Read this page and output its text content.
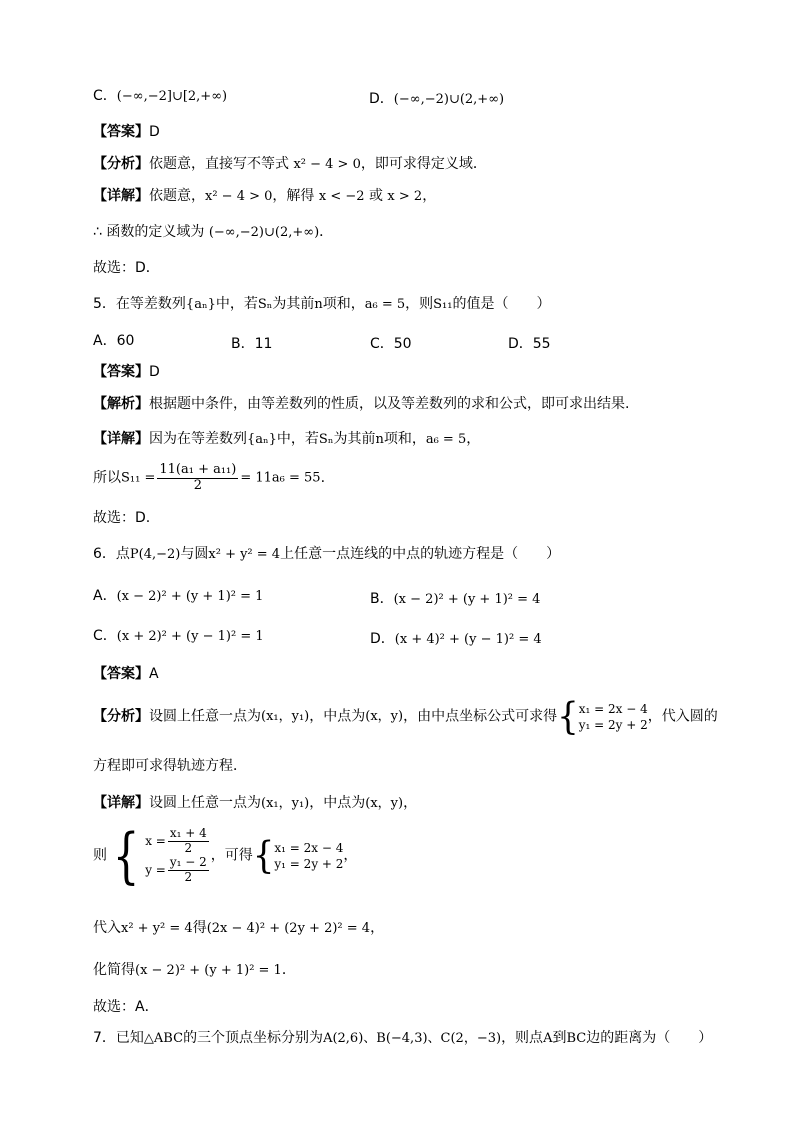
C．(−∞,−2]∪[2,+∞)	D．(−∞,−2)∪(2,+∞)
【答案】D
【分析】依题意，直接写不等式 x² − 4 > 0，即可求得定义域．
【详解】依题意，x² − 4 > 0，解得 x < −2 或 x > 2，
∴ 函数的定义域为 (−∞,−2)∪(2,+∞)．
故选：D．
5．在等差数列{aₙ}中，若Sₙ为其前n项和，a₆ = 5，则S₁₁的值是（　　）
A．60	B．11	C．50	D．55
【答案】D
【解析】根据题中条件，由等差数列的性质，以及等差数列的求和公式，即可求出结果.
【详解】因为在等差数列{aₙ}中，若Sₙ为其前n项和，a₆ = 5，
所以$S_{11} = \frac{\text{11(a₁ + a₁₁)}}{2} = 11a_6 = 55$.
故选：D.
6．点P(4,−2)与圆x² + y² = 4上任意一点连线的中点的轨迹方程是（　　）
A．(x − 2)² + (y + 1)² = 1	B．(x − 2)² + (y + 1)² = 4
C．(x + 2)² + (y − 1)² = 1	D．(x + 4)² + (y − 1)² = 4
【答案】A
【分析】设圆上任意一点为(x₁，y₁)，中点为(x，y)，由中点坐标公式可求得{ x₁ = 2x − 4
y₁ = 2y + 2
，代入圆的
方程即可求得轨迹方程．
【详解】设圆上任意一点为(x₁，y₁)，中点为(x，y)，
则{ $x = \frac{\text{x₁ + 4}}{2}$
$y = \frac{\text{y₁ − 2}}{2}$
，可得{ x₁ = 2x − 4
y₁ = 2y + 2
，
代入x² + y² = 4得(2x − 4)² + (2y + 2)² = 4，
化简得(x − 2)² + (y + 1)² = 1．
故选：A．
7．已知△ABC的三个顶点坐标分别为A(2,6)、B(−4,3)、C(2，−3)，则点A到BC边的距离为（　　）
